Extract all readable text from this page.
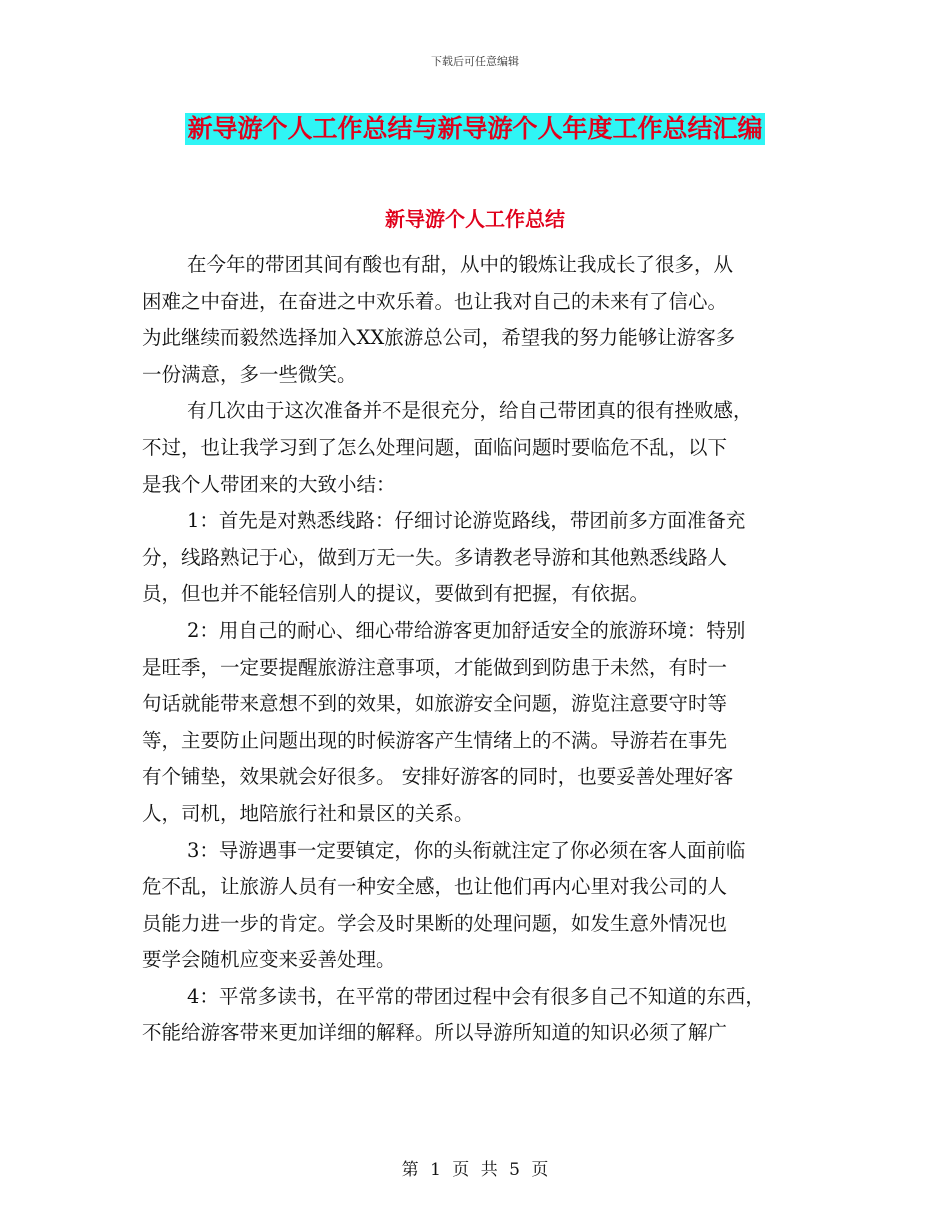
下载后可任意编辑
新导游个人工作总结与新导游个人年度工作总结汇编
新导游个人工作总结
在今年的带团其间有酸也有甜，从中的锻炼让我成长了很多，从
困难之中奋进，在奋进之中欢乐着。也让我对自己的未来有了信心。
为此继续而毅然选择加入XX旅游总公司，希望我的努力能够让游客多
一份满意，多一些微笑。
有几次由于这次准备并不是很充分，给自己带团真的很有挫败感，
不过，也让我学习到了怎么处理问题，面临问题时要临危不乱，以下
是我个人带团来的大致小结：
1：首先是对熟悉线路：仔细讨论游览路线，带团前多方面准备充
分，线路熟记于心，做到万无一失。多请教老导游和其他熟悉线路人
员，但也并不能轻信别人的提议，要做到有把握，有依据。
2：用自己的耐心、细心带给游客更加舒适安全的旅游环境：特别
是旺季，一定要提醒旅游注意事项，才能做到到防患于未然，有时一
句话就能带来意想不到的效果，如旅游安全问题，游览注意要守时等
等，主要防止问题出现的时候游客产生情绪上的不满。导游若在事先
有个铺垫，效果就会好很多。 安排好游客的同时，也要妥善处理好客
人，司机，地陪旅行社和景区的关系。
3：导游遇事一定要镇定，你的头衔就注定了你必须在客人面前临
危不乱，让旅游人员有一种安全感，也让他们再内心里对我公司的人
员能力进一步的肯定。学会及时果断的处理问题，如发生意外情况也
要学会随机应变来妥善处理。
4：平常多读书，在平常的带团过程中会有很多自己不知道的东西，
不能给游客带来更加详细的解释。所以导游所知道的知识必须了解广
第 1 页 共 5 页
